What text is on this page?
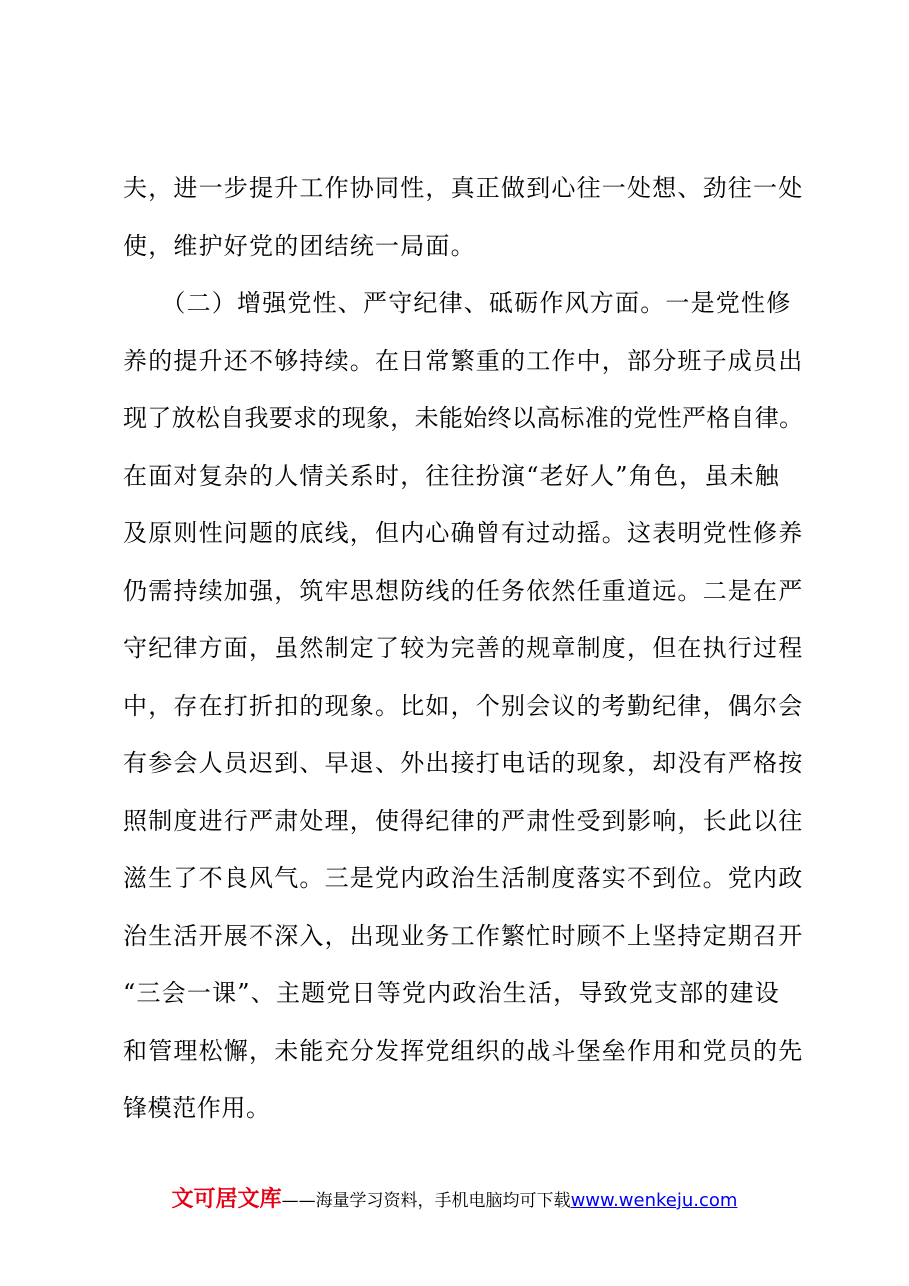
夫，进一步提升工作协同性，真正做到心往一处想、劲往一处
使，维护好党的团结统一局面。
　　（二）增强党性、严守纪律、砥砺作风方面。一是党性修
养的提升还不够持续。在日常繁重的工作中，部分班子成员出
现了放松自我要求的现象，未能始终以高标准的党性严格自律。
在面对复杂的人情关系时，往往扮演“老好人”角色，虽未触
及原则性问题的底线，但内心确曾有过动摇。这表明党性修养
仍需持续加强，筑牢思想防线的任务依然任重道远。二是在严
守纪律方面，虽然制定了较为完善的规章制度，但在执行过程
中，存在打折扣的现象。比如，个别会议的考勤纪律，偶尔会
有参会人员迟到、早退、外出接打电话的现象，却没有严格按
照制度进行严肃处理，使得纪律的严肃性受到影响，长此以往
滋生了不良风气。三是党内政治生活制度落实不到位。党内政
治生活开展不深入，出现业务工作繁忙时顾不上坚持定期召开
“三会一课”、主题党日等党内政治生活，导致党支部的建设
和管理松懈，未能充分发挥党组织的战斗堡垒作用和党员的先
锋模范作用。
文可居文库——海量学习资料，手机电脑均可下载www.wenkeju.com
